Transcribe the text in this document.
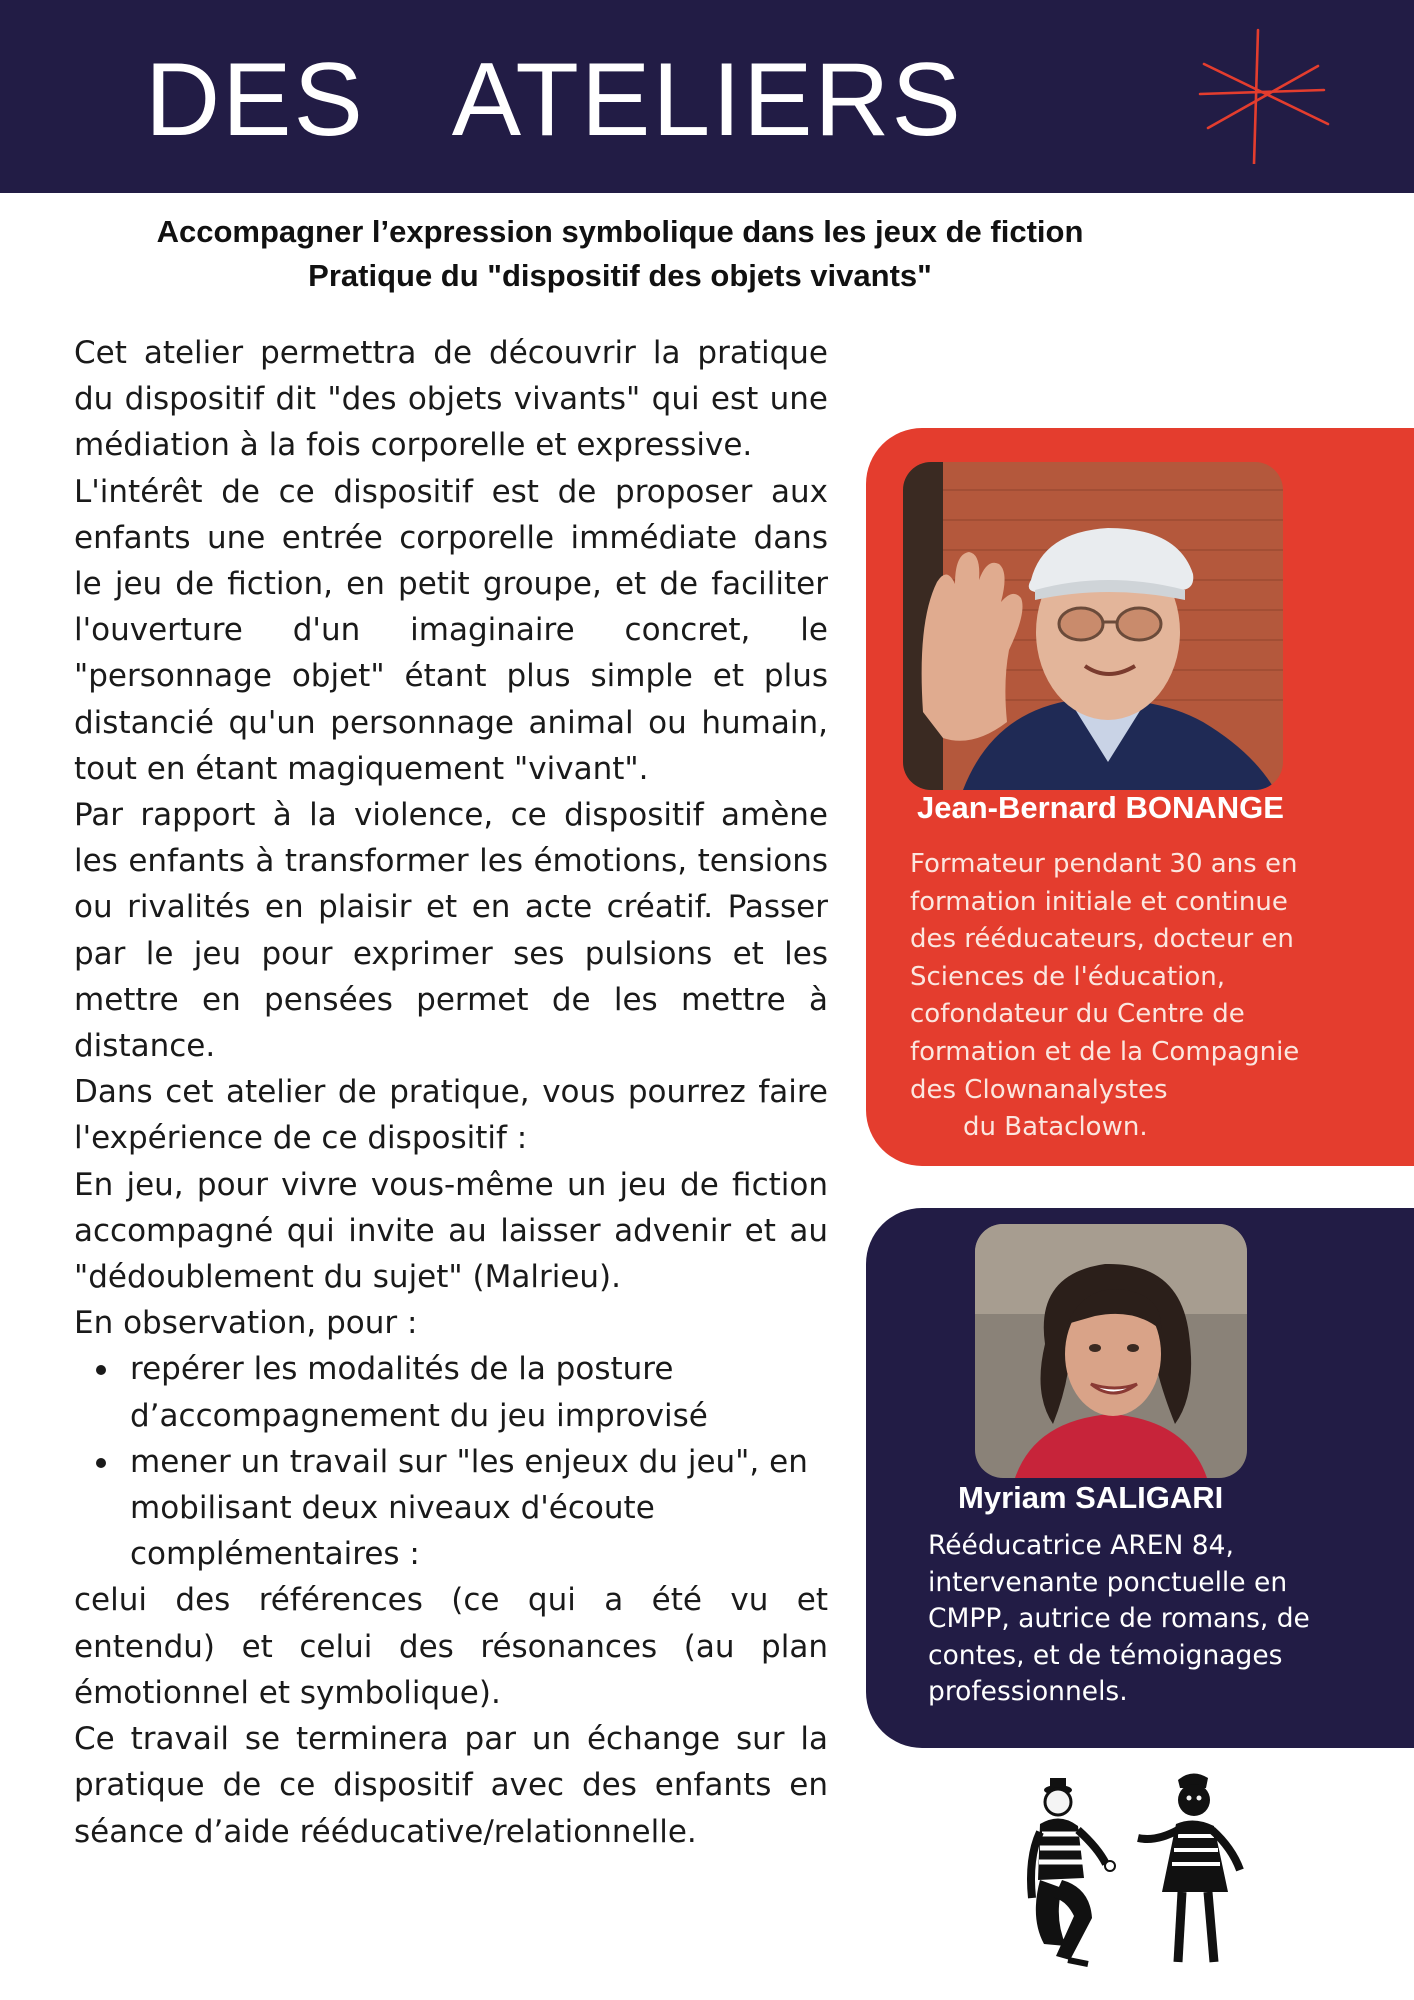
DES   ATELIERS
Accompagner l’expression symbolique dans les jeux de fiction
Pratique du "dispositif des objets vivants"

Cet atelier permettra de découvrir la pratique du dispositif dit "des objets vivants" qui est une médiation à la fois corporelle et expressive.

L'intérêt de ce dispositif est de proposer aux enfants une entrée corporelle immédiate dans le jeu de fiction, en petit groupe, et de faciliter l'ouverture d'un imaginaire concret, le "personnage objet" étant plus simple et plus distancié qu'un personnage animal ou humain, tout en étant magiquement "vivant".

Par rapport à la violence, ce dispositif amène les enfants à transformer les émotions, tensions ou rivalités en plaisir et en acte créatif. Passer par le jeu pour exprimer ses pulsions et les mettre en pensées permet de les mettre à distance.

Dans cet atelier de pratique, vous pourrez faire l'expérience de ce dispositif :

En jeu, pour vivre vous-même un jeu de fiction accompagné qui invite au laisser advenir et au "dédoublement du sujet" (Malrieu).

En observation, pour :

repérer les modalités de la posture d’accompagnement du jeu improvisé
mener un travail sur "les enjeux du jeu", en mobilisant deux niveaux d'écoute complémentaires :

celui des références (ce qui a été vu et entendu) et celui des résonances (au plan émotionnel et symbolique).

Ce travail se terminera par un échange sur la pratique de ce dispositif avec des enfants en séance d’aide rééducative/relationnelle.

Jean-Bernard BONANGE

Formateur pendant 30 ans en
formation initiale et continue
des rééducateurs, docteur en
Sciences de l'éducation,
cofondateur du Centre de
formation et de la Compagnie
des Clownanalystes
du Bataclown.

Myriam SALIGARI

Rééducatrice AREN 84,
intervenante ponctuelle en
CMPP, autrice de romans, de
contes, et de témoignages
professionnels.
